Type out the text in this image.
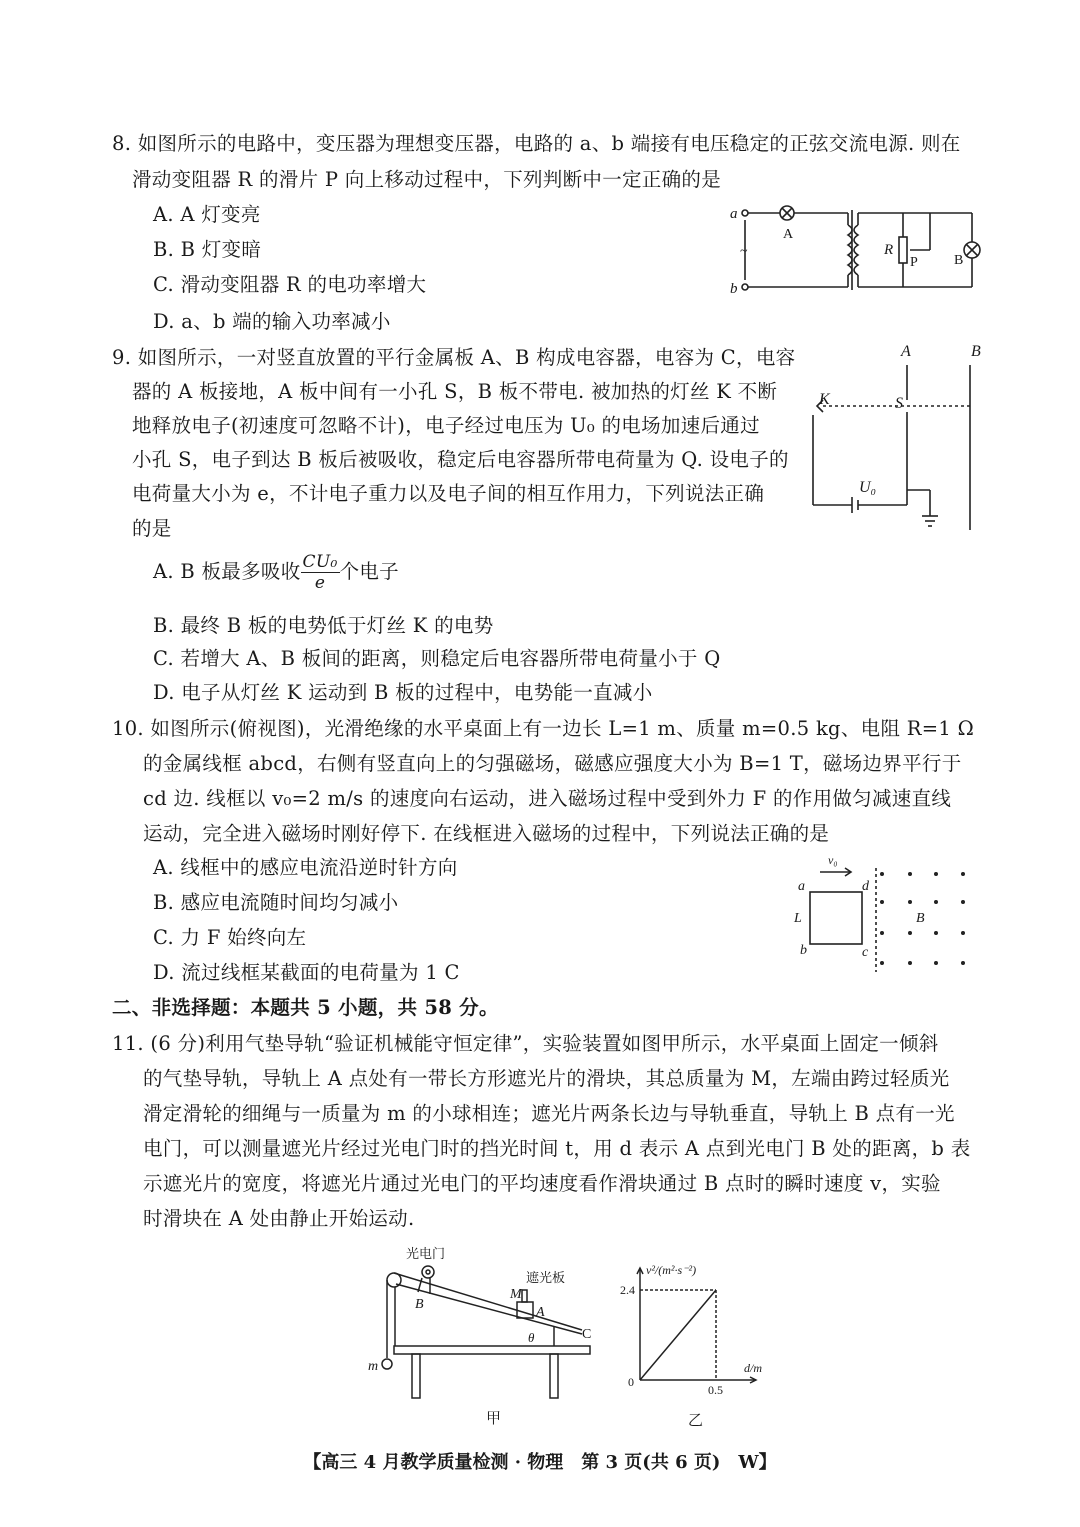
8. 如图所示的电路中，变压器为理想变压器，电路的 a、b 端接有电压稳定的正弦交流电源. 则在
滑动变阻器 R 的滑片 P 向上移动过程中，下列判断中一定正确的是
A. A 灯变亮
B. B 灯变暗
C. 滑动变阻器 R 的电功率增大
D. a、b 端的输入功率减小
a
b
~
A
R
P	B
9. 如图所示，一对竖直放置的平行金属板 A、B 构成电容器，电容为 C，电容
器的 A 板接地，A 板中间有一小孔 S，B 板不带电. 被加热的灯丝 K 不断
地释放电子(初速度可忽略不计)，电子经过电压为 U₀ 的电场加速后通过
小孔 S，电子到达 B 板后被吸收，稳定后电容器所带电荷量为 Q. 设电子的
电荷量大小为 e，不计电子重力以及电子间的相互作用力，下列说法正确
的是
A. B 板最多吸收 $\frac{\text{CU₀}}{e}$ 个电子
B. 最终 B 板的电势低于灯丝 K 的电势
C. 若增大 A、B 板间的距离，则稳定后电容器所带电荷量小于 Q
D. 电子从灯丝 K 运动到 B 板的过程中，电势能一直减小
A	B
K	S
U₀
10. 如图所示(俯视图)，光滑绝缘的水平桌面上有一边长 L=1 m、质量 m=0.5 kg、电阻 R=1 Ω
的金属线框 abcd，右侧有竖直向上的匀强磁场，磁感应强度大小为 B=1 T，磁场边界平行于
cd 边. 线框以 v₀=2 m/s 的速度向右运动，进入磁场过程中受到外力 F 的作用做匀减速直线
运动，完全进入磁场时刚好停下. 在线框进入磁场的过程中，下列说法正确的是
A. 线框中的感应电流沿逆时针方向
B. 感应电流随时间均匀减小
C. 力 F 始终向左
D. 流过线框某截面的电荷量为 1 C
v₀
a	d
L
b	c
B
二、非选择题：本题共 5 小题，共 58 分。
11. (6 分)利用气垫导轨“验证机械能守恒定律”，实验装置如图甲所示，水平桌面上固定一倾斜
的气垫导轨，导轨上 A 点处有一带长方形遮光片的滑块，其总质量为 M，左端由跨过轻质光
滑定滑轮的细绳与一质量为 m 的小球相连；遮光片两条长边与导轨垂直，导轨上 B 点有一光
电门，可以测量遮光片经过光电门时的挡光时间 t，用 d 表示 A 点到光电门 B 处的距离，b 表
示遮光片的宽度，将遮光片通过光电门的平均速度看作滑块通过 B 点时的瞬时速度 v，实验
时滑块在 A 处由静止开始运动.
光电门
遮光板
M
A
B
C
θ
m
甲
v²/(m²·s⁻²)
2.4
0
0.5
d/m
乙
【高三 4 月教学质量检测 · 物理　第 3 页(共 6 页)　W】
